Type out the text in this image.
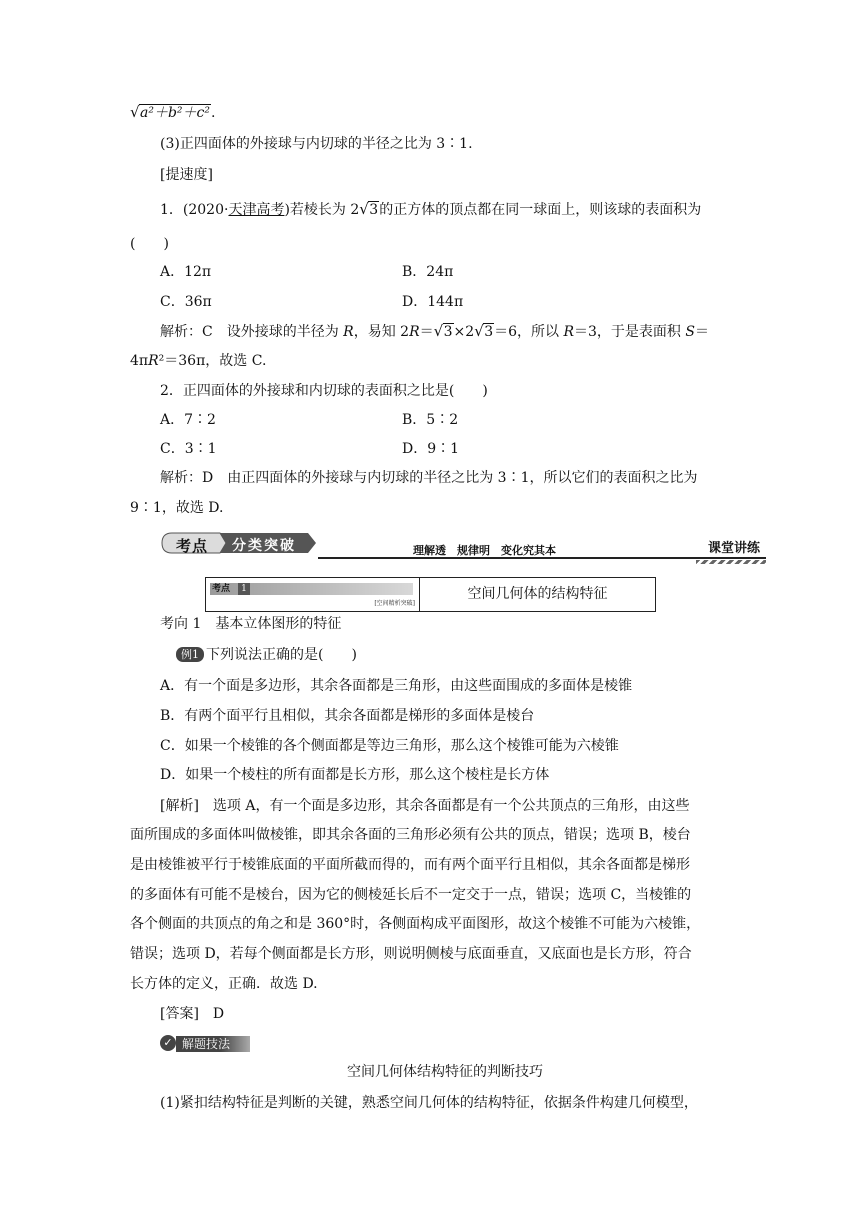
√ a²＋b²＋c².
(3)正四面体的外接球与内切球的半径之比为 3∶1.
[提速度]
1．(2020·天津高考)若棱长为 2 √ 3的正方体的顶点都在同一球面上，则该球的表面积为
(　　)
A．12π	B．24π
C．36π	D．144π
解析：C　设外接球的半径为 R，易知 2R＝ √ 3×2 √ 3＝6，所以 R＝3，于是表面积 S＝
4πR²＝36π，故选 C.
2．正四面体的外接球和内切球的表面积之比是(　　)
A．7∶2	B．5∶2
C．3∶1	D．9∶1
解析：D　由正四面体的外接球与内切球的半径之比为 3∶1，所以它们的表面积之比为
9∶1，故选 D.
考点 分类突破	理解透　规律明　变化究其本	课堂讲练
考点	1
[空间精析突破]
空间几何体的结构特征
考向 1　基本立体图形的特征
例1 下列说法正确的是(　　)
A．有一个面是多边形，其余各面都是三角形，由这些面围成的多面体是棱锥
B．有两个面平行且相似，其余各面都是梯形的多面体是棱台
C．如果一个棱锥的各个侧面都是等边三角形，那么这个棱锥可能为六棱锥
D．如果一个棱柱的所有面都是长方形，那么这个棱柱是长方体
[解析]　选项 A，有一个面是多边形，其余各面都是有一个公共顶点的三角形，由这些
面所围成的多面体叫做棱锥，即其余各面的三角形必须有公共的顶点，错误；选项 B，棱台
是由棱锥被平行于棱锥底面的平面所截而得的，而有两个面平行且相似，其余各面都是梯形
的多面体有可能不是棱台，因为它的侧棱延长后不一定交于一点，错误；选项 C，当棱锥的
各个侧面的共顶点的角之和是 360°时，各侧面构成平面图形，故这个棱锥不可能为六棱锥，
错误；选项 D，若每个侧面都是长方形，则说明侧棱与底面垂直，又底面也是长方形，符合
长方体的定义，正确．故选 D.
[答案]　D
✓ 解题技法
空间几何体结构特征的判断技巧
(1)紧扣结构特征是判断的关键，熟悉空间几何体的结构特征，依据条件构建几何模型，
